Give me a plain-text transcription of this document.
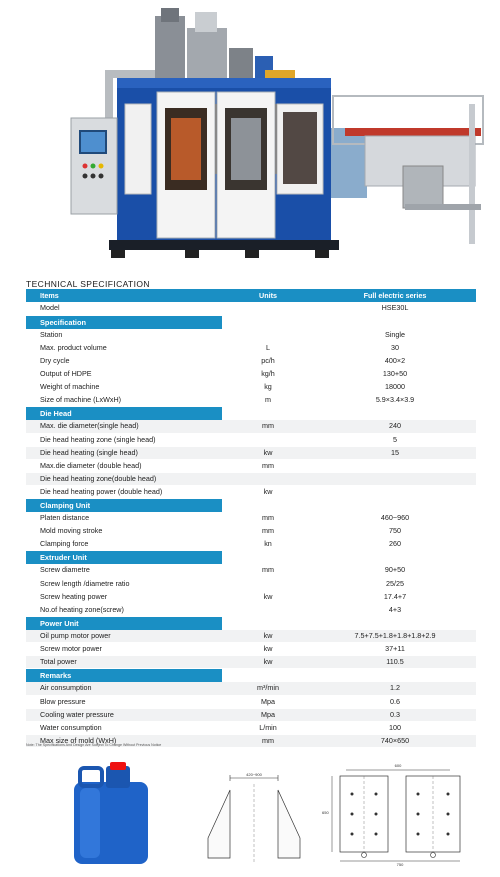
TECHNICAL SPECIFICATION
Items	Units	Full electric series
Model		HSE30L
Specification		
Station		Single
Max. product volume	L	30
Dry cycle	pc/h	400×2
Output of HDPE	kg/h	130+50
Weight of machine	kg	18000
Size of machine (LxWxH)	m	5.9×3.4×3.9
Die Head		
Max. die diameter(single head)	mm	240
Die head heating zone (single head)		5
Die head heating (single head)	kw	15
Max.die diameter (double head)	mm	
Die head heating zone(double head)		
Die head heating power (double head)	kw	
Clamping Unit		
Platen distance	mm	460~960
Mold moving stroke	mm	750
Clamping force	kn	260
Extruder Unit		
Screw diametre	mm	90+50
Screw length /diametre ratio		25/25
Screw heating power	kw	17.4+7
No.of heating zone(screw)		4+3
Power Unit		
Oil pump motor power	kw	7.5+7.5+1.8+1.8+1.8+2.9
Screw motor power	kw	37+11
Total power	kw	110.5
Remarks		
Air consumption	m³/min	1.2
Blow pressure	Mpa	0.6
Cooling water pressure	Mpa	0.3
Water consumption	L/min	100
Max size of mold (WxH)	mm	740×650
Note: The Specifications And Design Are Subject To Change Without Previous Notice
420~900
600
650
750
